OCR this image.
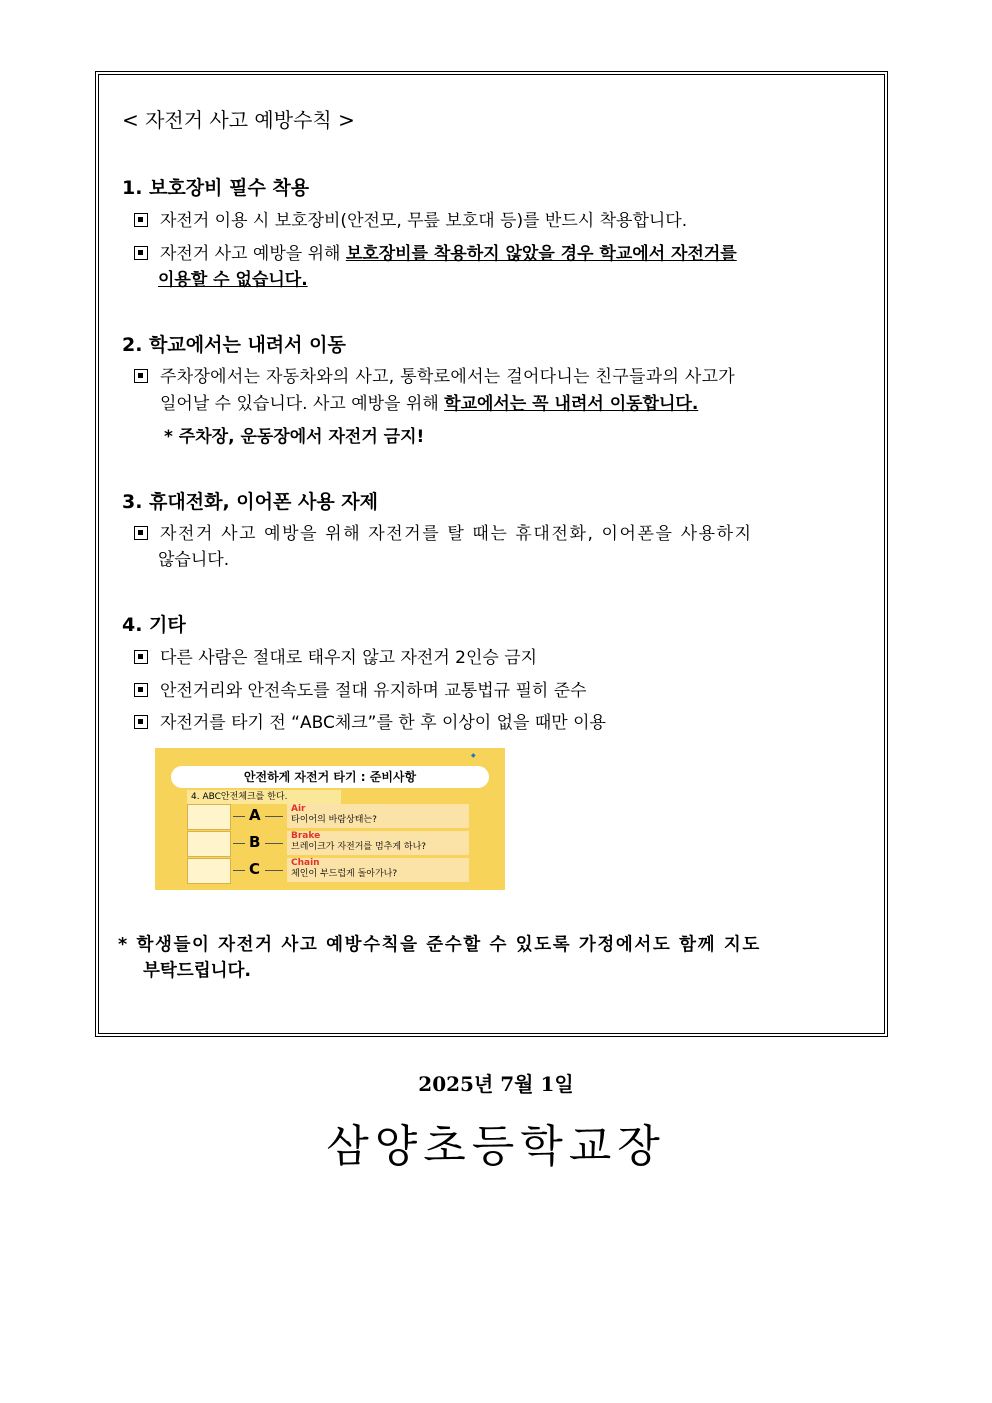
< 자전거 사고 예방수칙 >
1. 보호장비 필수 착용
자전거 이용 시 보호장비(안전모, 무릎 보호대 등)를 반드시 착용합니다.
자전거 사고 예방을 위해 보호장비를 착용하지 않았을 경우 학교에서 자전거를
이용할 수 없습니다.
2. 학교에서는 내려서 이동
주차장에서는 자동차와의 사고, 통학로에서는 걸어다니는 친구들과의 사고가
일어날 수 있습니다. 사고 예방을 위해 학교에서는 꼭 내려서 이동합니다.
* 주차장, 운동장에서 자전거 금지!
3. 휴대전화, 이어폰 사용 자제
자전거 사고 예방을 위해 자전거를 탈 때는 휴대전화, 이어폰을 사용하지
않습니다.
4. 기타
다른 사람은 절대로 태우지 않고 자전거 2인승 금지
안전거리와 안전속도를 절대 유지하며 교통법규 필히 준수
자전거를 타기 전 “ABC체크”를 한 후 이상이 없을 때만 이용
◆
안전하게 자전거 타기 : 준비사항
4. ABC안전체크를 한다.
A	Air
타이어의 바람상태는?
B	Brake
브레이크가 자전거를 멈추게 하나?
C	Chain
체인이 부드럽게 돌아가나?
* 학생들이 자전거 사고 예방수칙을 준수할 수 있도록 가정에서도 함께 지도
부탁드립니다.
2025년 7월 1일
삼양초등학교장
